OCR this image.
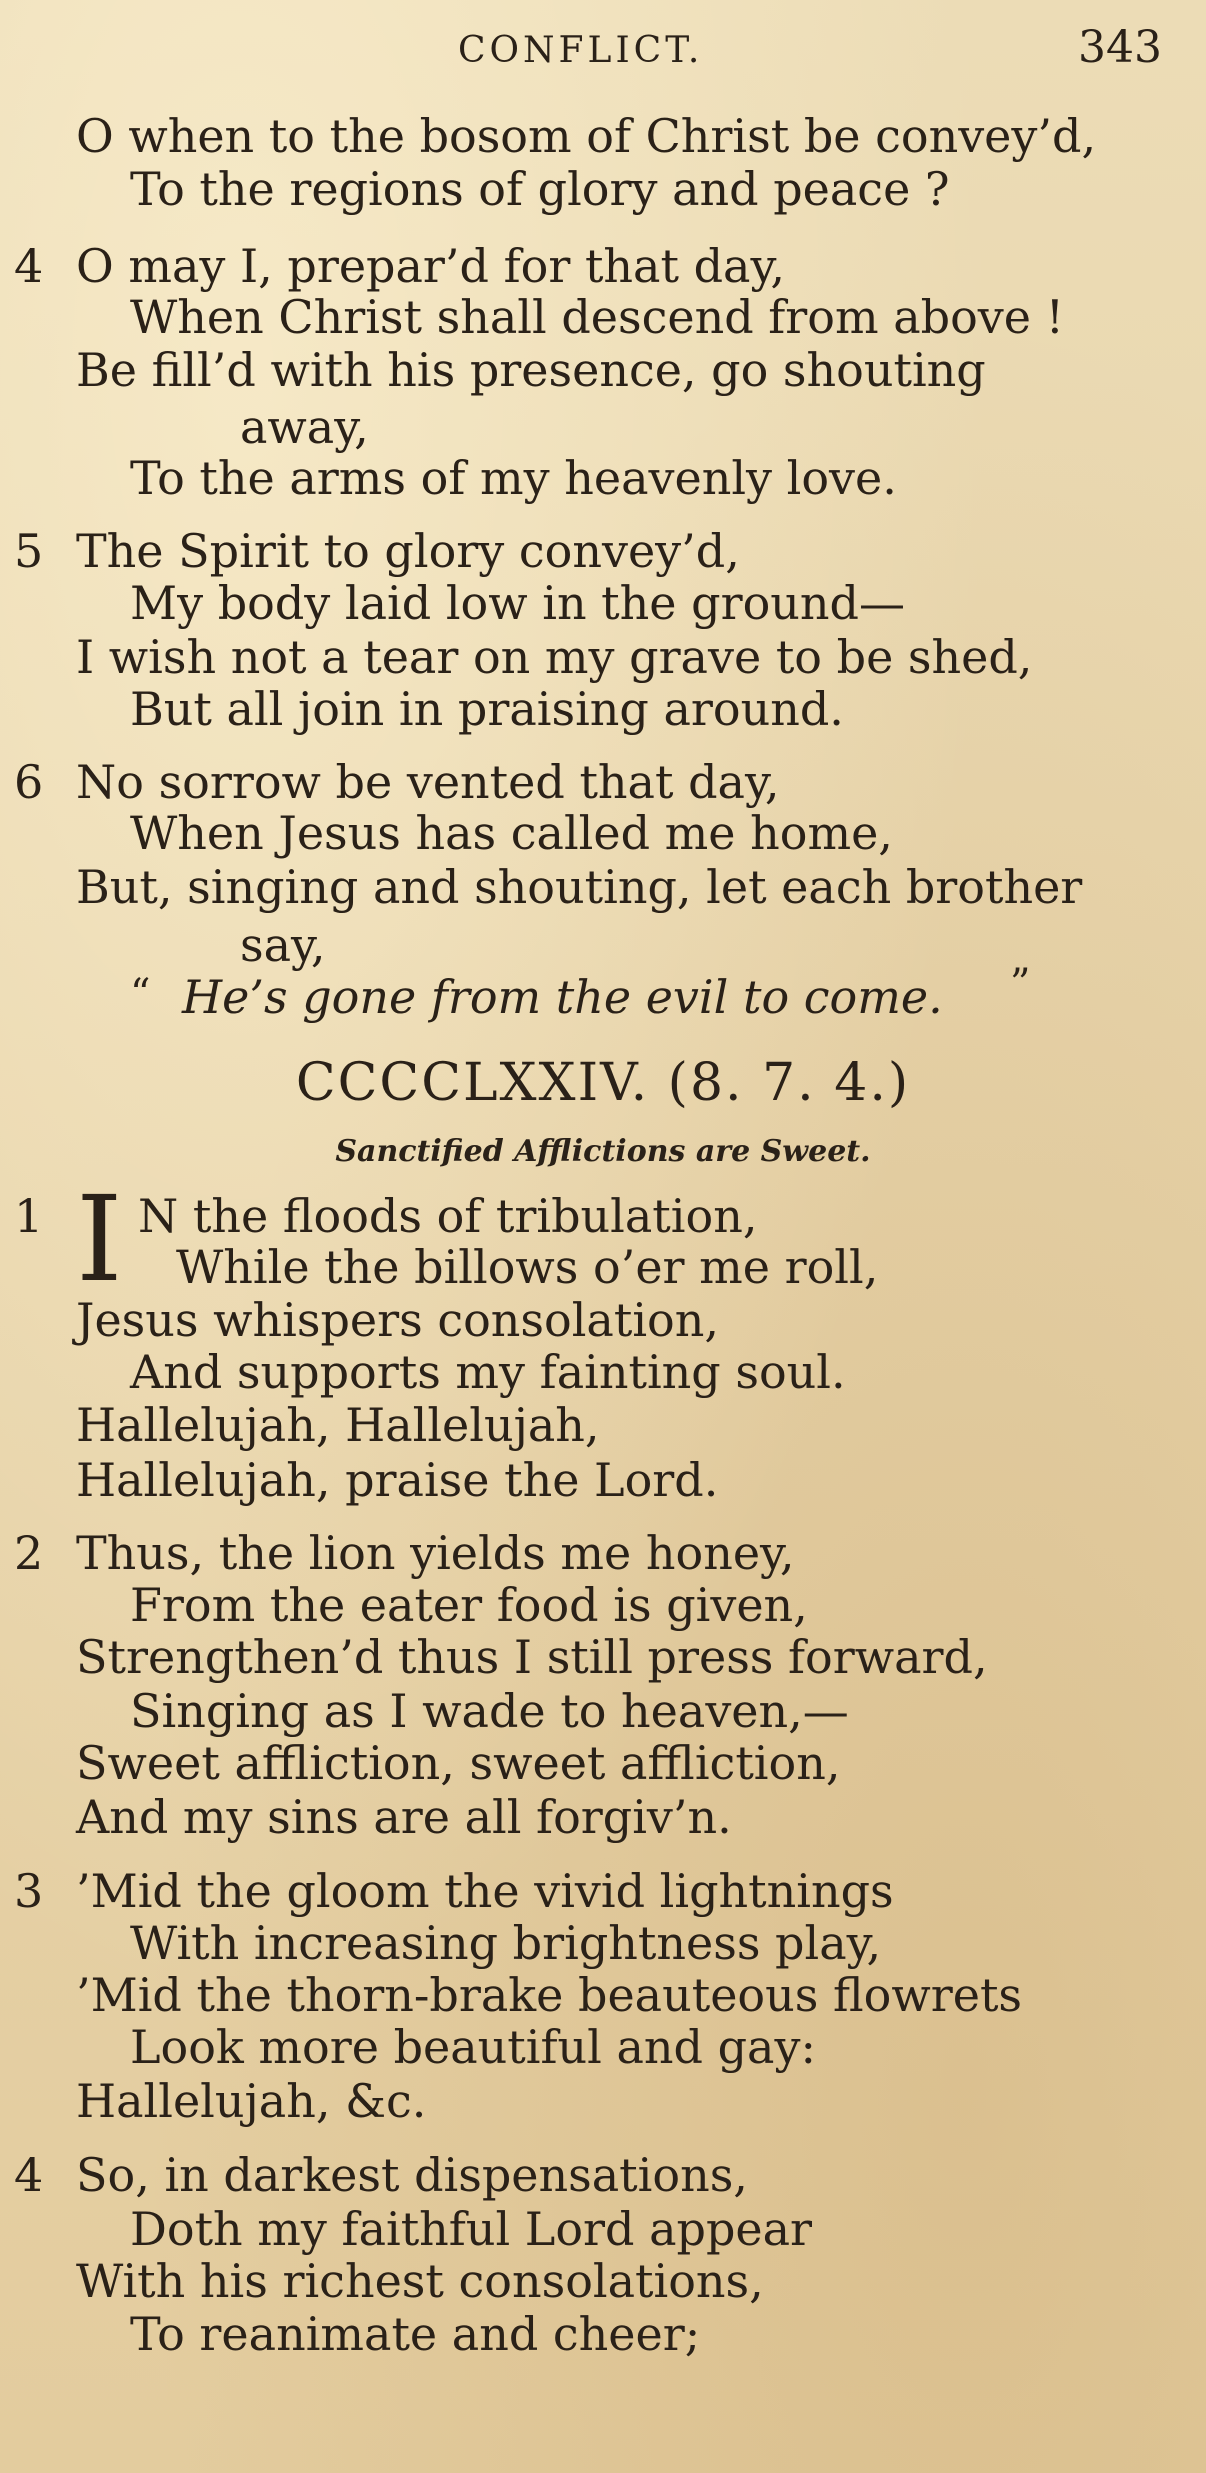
CONFLICT.	343
O when to the bosom of Christ be convey’d,
To the regions of glory and peace ?
4 O may I, prepar’d for that day,
When Christ shall descend from above !
Be fill’d with his presence, go shouting
away,
To the arms of my heavenly love.
5 The Spirit to glory convey’d,
My body laid low in the ground—
I wish not a tear on my grave to be shed,
But all join in praising around.
6 No sorrow be vented that day,
When Jesus has called me home,
But, singing and shouting, let each brother
say,
“ He’s gone from the evil to come. ”
CCCCLXXIV. (8. 7. 4.)
Sanctified Afflictions are Sweet.
1 I N the floods of tribulation,
While the billows o’er me roll,
Jesus whispers consolation,
And supports my fainting soul.
Hallelujah, Hallelujah,
Hallelujah, praise the Lord.
2 Thus, the lion yields me honey,
From the eater food is given,
Strengthen’d thus I still press forward,
Singing as I wade to heaven,—
Sweet affliction, sweet affliction,
And my sins are all forgiv’n.
3 ’Mid the gloom the vivid lightnings
With increasing brightness play,
’Mid the thorn-brake beauteous flowrets
Look more beautiful and gay:
Hallelujah, &c.
4 So, in darkest dispensations,
Doth my faithful Lord appear
With his richest consolations,
To reanimate and cheer;
